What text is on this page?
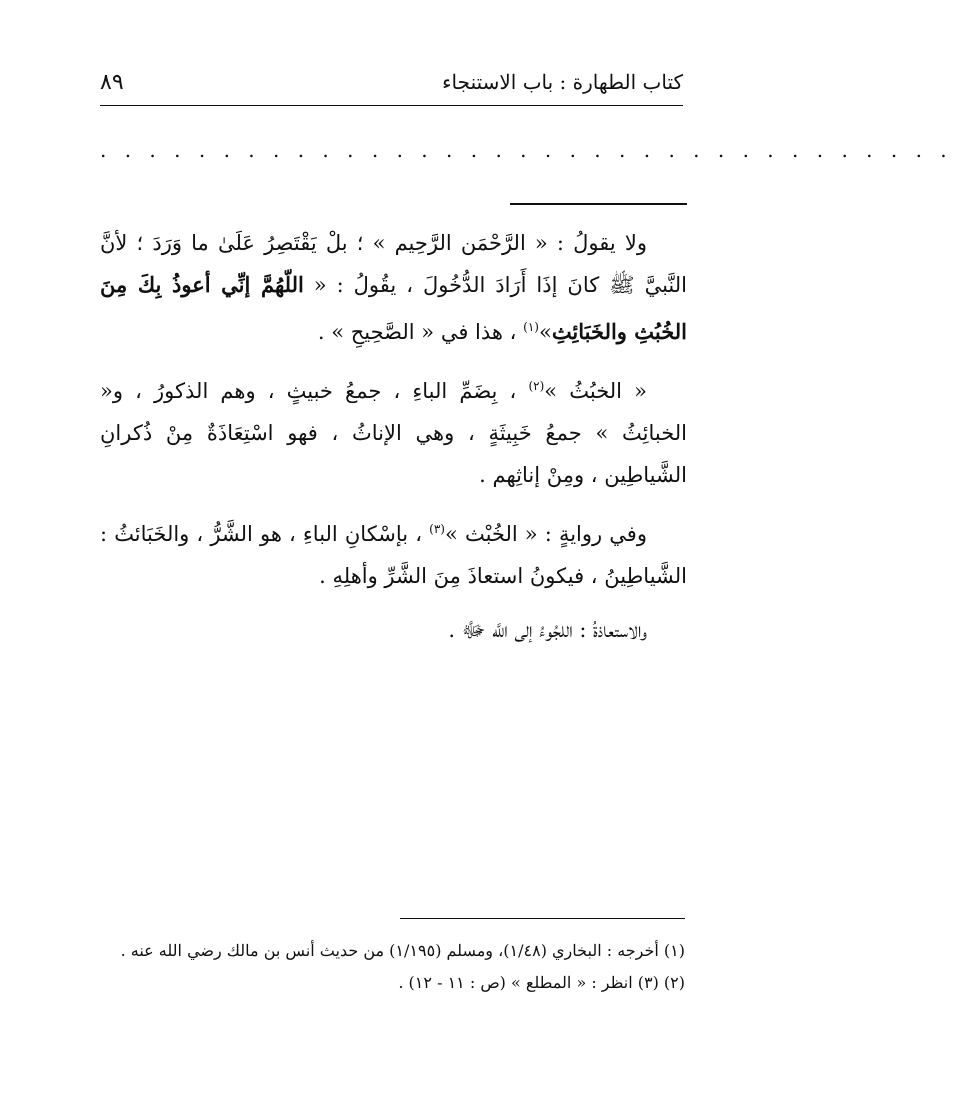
كتاب الطهارة : باب الاستنجاء
٨٩
. . . . . . . . . . . . . . . . . . . . . . . . . . . . . . . . . . .

ولا يقولُ : « الرَّحْمَن الرَّحِيم » ؛ بلْ يَقْتَصِرُ عَلَىٰ ما وَرَدَ ؛ لأنَّ النَّبيَّ ﷺ كانَ إذَا أَرَادَ الدُّخُولَ ، يقُولُ : « اللّهُمَّ إنِّي أعوذُ بِكَ مِنَ الخُبُثِ والخَبَائِثِ»$^{(١)}$ ، هذا في « الصَّحِيحِ » .

« الخبُثُ »$^{(٢)}$ ، بِضَمِّ الباءِ ، جمعُ خبيثٍ ، وهم الذكورُ ، و« الخبائِثُ » جمعُ خَبِيثَةٍ ، وهي الإناثُ ، فهو اسْتِعَاذَةٌ مِنْ ذُكرانِ الشَّياطِين ، ومِنْ إناثِهم .

وفي روايةٍ : « الخُبْث »$^{(٣)}$ ، بإسْكانِ الباءِ ، هو الشَّرُّ ، والخَبَائثُ : الشَّياطِينُ ، فيكونُ استعاذَ مِنَ الشَّرِّ وأهلِهِ .

والاستعاذةُ : اللجُوءُ إلى اللَّه ﷻ .

(١) أخرجه : البخاري (١/٤٨)، ومسلم (١/١٩٥) من حديث أنس بن مالك رضي الله عنه .
(٢) (٣) انظر : « المطلع » (ص : ١١ - ١٢) .
